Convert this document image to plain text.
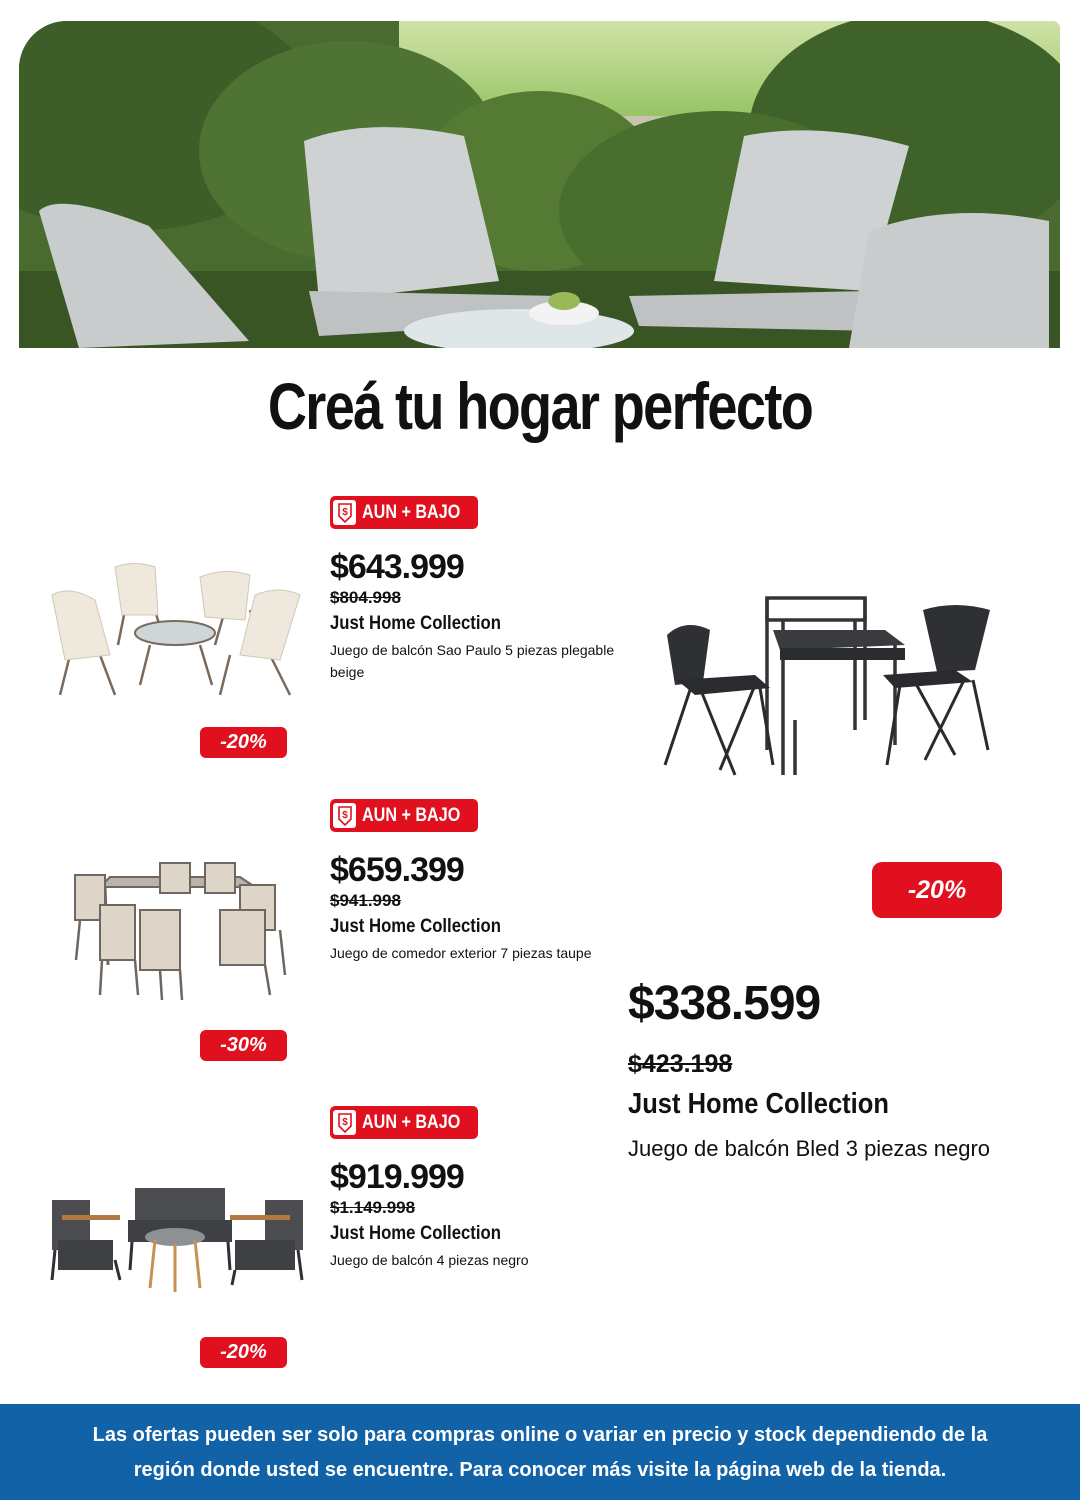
Creá tu hogar perfecto
$ AUN + BAJO
-20%
$643.999
$804.998
Just Home Collection
Juego de balcón Sao Paulo 5 piezas plegable beige
$ AUN + BAJO
-30%
$659.399
$941.998
Just Home Collection
Juego de comedor exterior 7 piezas taupe
$ AUN + BAJO
-20%
$919.999
$1.149.998
Just Home Collection
Juego de balcón 4 piezas negro
-20%
$338.599
$423.198
Just Home Collection
Juego de balcón Bled 3 piezas negro
Las ofertas pueden ser solo para compras online o variar en precio y stock dependiendo de la
región donde usted se encuentre. Para conocer más visite la página web de la tienda.
